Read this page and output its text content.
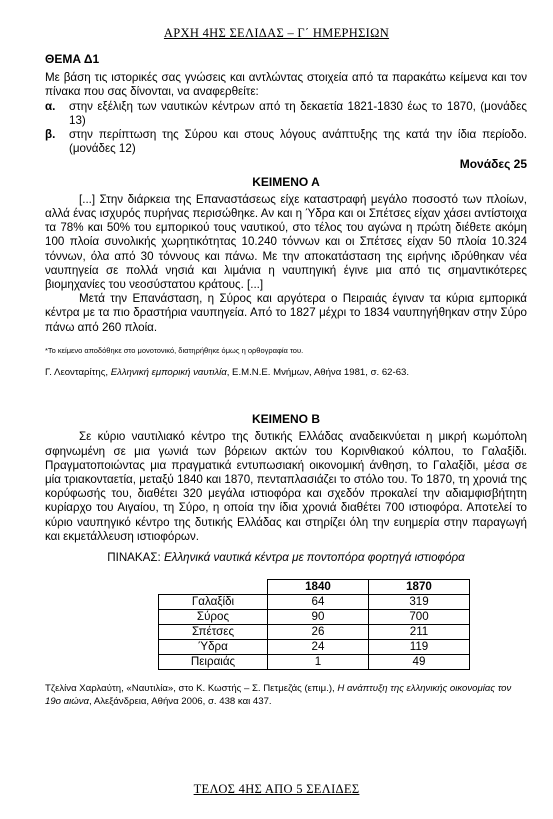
ΑΡΧΗ 4ΗΣ ΣΕΛΙΔΑΣ – Γ΄ ΗΜΕΡΗΣΙΩΝ
ΘΕΜΑ Δ1
Με βάση τις ιστορικές σας γνώσεις και αντλώντας στοιχεία από τα παρακάτω κείμενα και τον πίνακα που σας δίνονται, να αναφερθείτε:
α.	στην εξέλιξη των ναυτικών κέντρων από τη δεκαετία 1821-1830 έως το 1870, (μονάδες 13)
β.	στην περίπτωση της Σύρου και στους λόγους ανάπτυξης της κατά την ίδια περίοδο. (μονάδες 12)
Μονάδες 25
ΚΕΙΜΕΝΟ Α
[...] Στην διάρκεια της Επαναστάσεως είχε καταστραφή μεγάλο ποσοστό των πλοίων, αλλά ένας ισχυρός πυρήνας περισώθηκε. Αν και η Ύδρα και οι Σπέτσες είχαν χάσει αντίστοιχα τα 78% και 50% του εμπορικού τους ναυτικού, στο τέλος του αγώνα η πρώτη διέθετε ακόμη 100 πλοία συνολικής χωρητικότητας 10.240 τόννων και οι Σπέτσες είχαν 50 πλοία 10.324 τόννων, όλα από 30 τόννους και πάνω. Με την αποκατάσταση της ειρήνης ιδρύθηκαν νέα ναυπηγεία σε πολλά νησιά και λιμάνια η ναυπηγική έγινε μια από τις σημαντικότερες βιομηχανίες του νεοσύστατου κράτους. [...]
Μετά την Επανάσταση, η Σύρος και αργότερα ο Πειραιάς έγιναν τα κύρια εμπορικά κέντρα με τα πιο δραστήρια ναυπηγεία. Από το 1827 μέχρι το 1834 ναυπηγήθηκαν στην Σύρο πάνω από 260 πλοία.
*Το κείμενο αποδόθηκε στο μονοτονικό, διατηρήθηκε όμως η ορθογραφία του.
Γ. Λεονταρίτης, Ελληνική εμπορική ναυτιλία, Ε.Μ.Ν.Ε. Μνήμων, Αθήνα 1981, σ. 62-63.
ΚΕΙΜΕΝΟ Β
Σε κύριο ναυτιλιακό κέντρο της δυτικής Ελλάδας αναδεικνύεται η μικρή κωμόπολη σφηνωμένη σε μια γωνιά των βόρειων ακτών του Κορινθιακού κόλπου, το Γαλαξίδι. Πραγματοποιώντας μια πραγματικά εντυπωσιακή οικονομική άνθηση, το Γαλαξίδι, μέσα σε μία τριακονταετία, μεταξύ 1840 και 1870, πενταπλασιάζει το στόλο του. Το 1870, τη χρονιά της κορύφωσής του, διαθέτει 320 μεγάλα ιστιοφόρα και σχεδόν προκαλεί την αδιαμφισβήτητη κυρίαρχο του Αιγαίου, τη Σύρο, η οποία την ίδια χρονιά διαθέτει 700 ιστιοφόρα. Αποτελεί το κύριο ναυπηγικό κέντρο της δυτικής Ελλάδας και στηρίζει όλη την ευημερία στην παραγωγή και εκμετάλλευση ιστιοφόρων.
ΠΙΝΑΚΑΣ: Ελληνικά ναυτικά κέντρα με ποντοπόρα φορτηγά ιστιοφόρα
	1840	1870
Γαλαξίδι	64	319
Σύρος	90	700
Σπέτσες	26	211
Ύδρα	24	119
Πειραιάς	1	49
Τζελίνα Χαρλαύτη, «Ναυτιλία», στο Κ. Κωστής – Σ. Πετμεζάς (επιμ.), Η ανάπτυξη της ελληνικής οικονομίας τον 19ο αιώνα, Αλεξάνδρεια, Αθήνα 2006, σ. 438 και 437.
ΤΕΛΟΣ 4ΗΣ ΑΠΟ 5 ΣΕΛΙΔΕΣ
